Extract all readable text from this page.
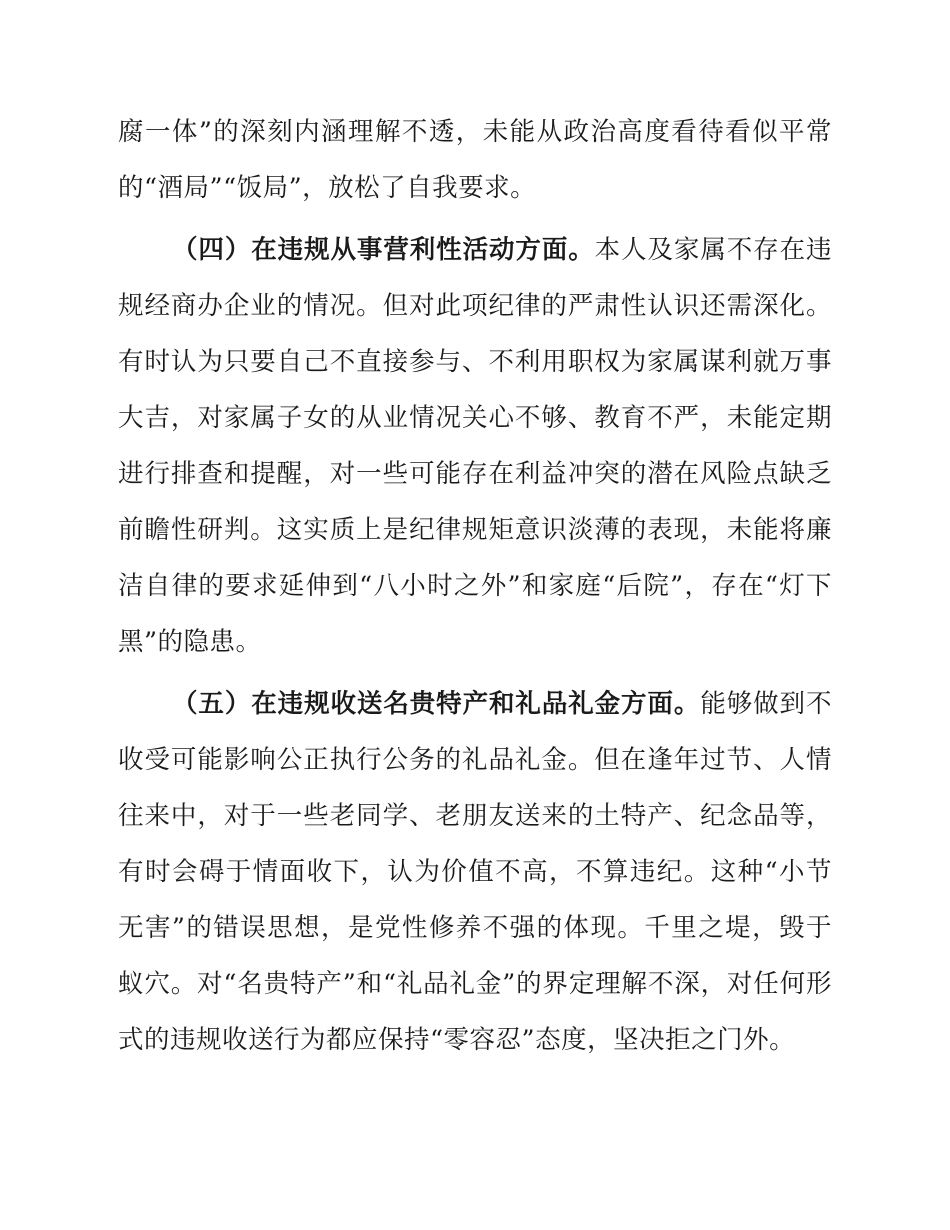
腐一体”的深刻内涵理解不透，未能从政治高度看待看似平常的“酒局”“饭局”，放松了自我要求。

（四）在违规从事营利性活动方面。本人及家属不存在违规经商办企业的情况。但对此项纪律的严肃性认识还需深化。有时认为只要自己不直接参与、不利用职权为家属谋利就万事大吉，对家属子女的从业情况关心不够、教育不严，未能定期进行排查和提醒，对一些可能存在利益冲突的潜在风险点缺乏前瞻性研判。这实质上是纪律规矩意识淡薄的表现，未能将廉洁自律的要求延伸到“八小时之外”和家庭“后院”，存在“灯下黑”的隐患。

（五）在违规收送名贵特产和礼品礼金方面。能够做到不收受可能影响公正执行公务的礼品礼金。但在逢年过节、人情往来中，对于一些老同学、老朋友送来的土特产、纪念品等，有时会碍于情面收下，认为价值不高，不算违纪。这种“小节无害”的错误思想，是党性修养不强的体现。千里之堤，毁于蚁穴。对“名贵特产”和“礼品礼金”的界定理解不深，对任何形式的违规收送行为都应保持“零容忍”态度，坚决拒之门外。
